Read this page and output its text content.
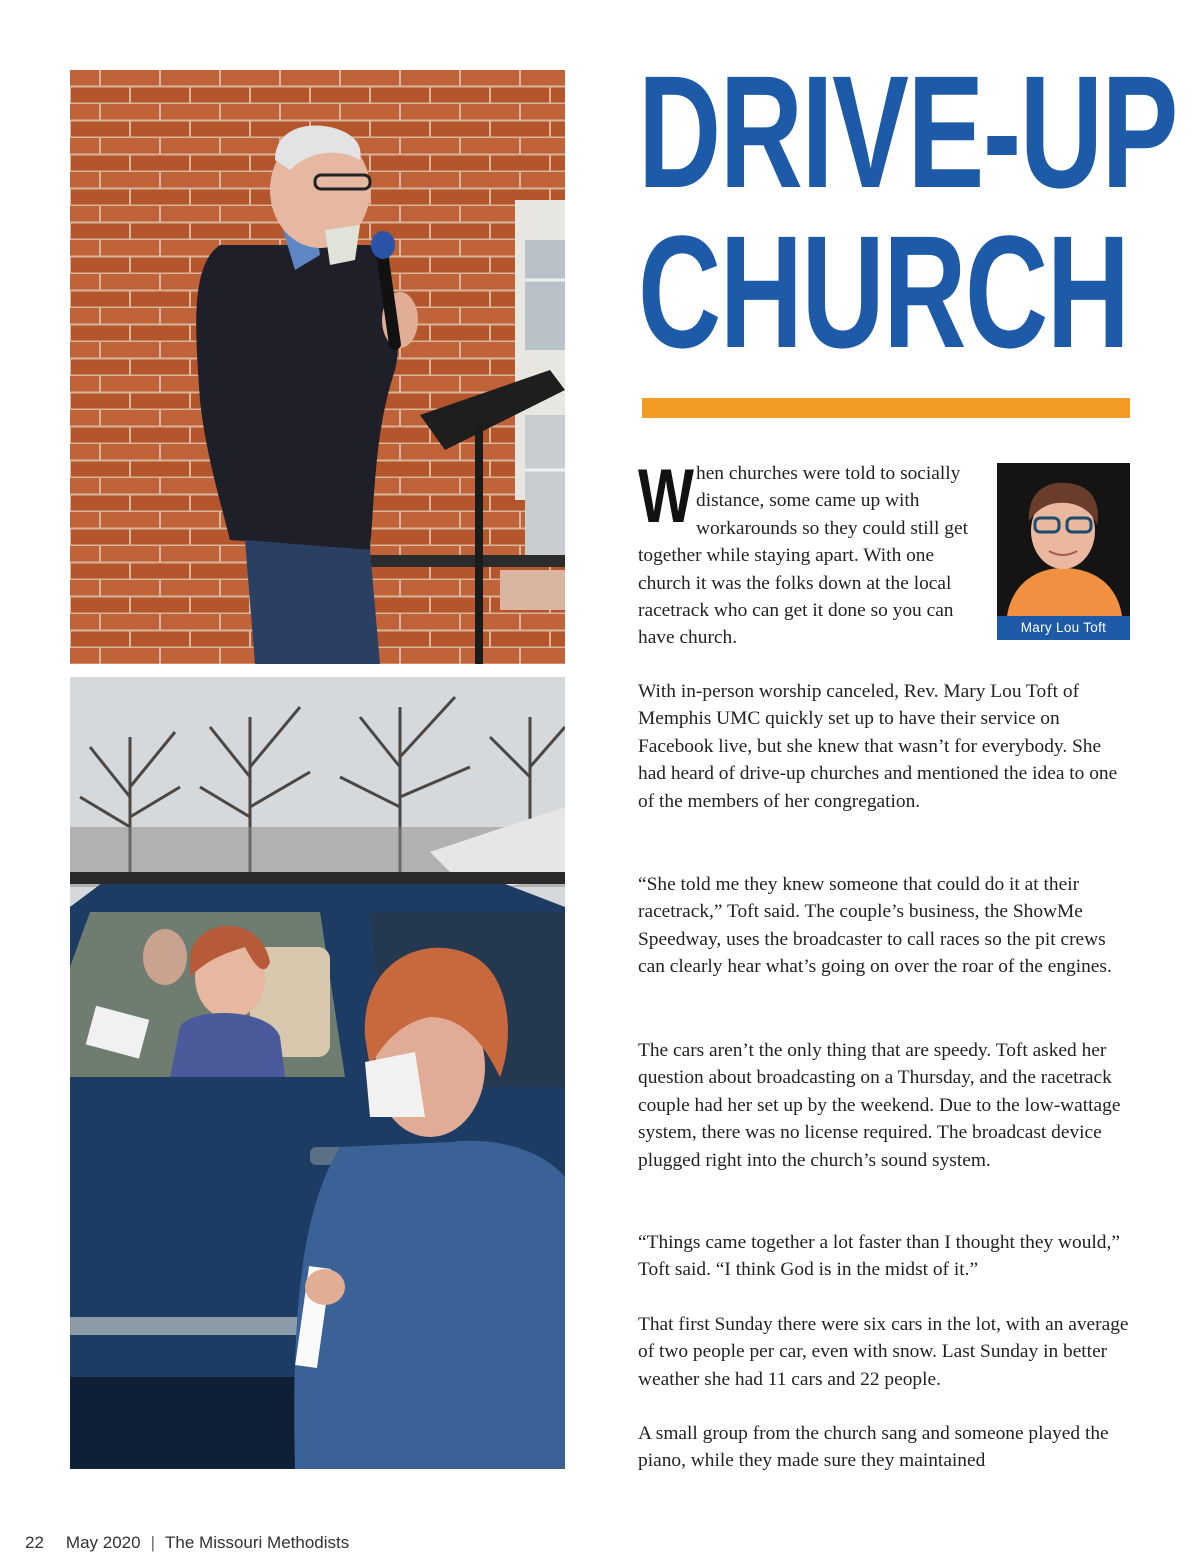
DRIVE-UP
CHURCH
Mary Lou Toft

When churches were told to socially distance, some came up with workarounds so they could still get together while staying apart. With one church it was the folks down at the local racetrack who can get it done so you can have church.

With in-person worship canceled, Rev. Mary Lou Toft of Memphis UMC quickly set up to have their service on Facebook live, but she knew that wasn’t for everybody. She had heard of drive-up churches and mentioned the idea to one of the members of her congregation.

“She told me they knew someone that could do it at their racetrack,” Toft said. The couple’s business, the ShowMe Speedway, uses the broadcaster to call races so the pit crews can clearly hear what’s going on over the roar of the engines.

The cars aren’t the only thing that are speedy. Toft asked her question about broadcasting on a Thursday, and the racetrack couple had her set up by the weekend. Due to the low-wattage system, there was no license required. The broadcast device plugged right into the church’s sound system.

“Things came together a lot faster than I thought they would,” Toft said. “I think God is in the midst of it.”

That first Sunday there were six cars in the lot, with an average of two people per car, even with snow. Last Sunday in better weather she had 11 cars and 22 people.

A small group from the church sang and someone played the piano, while they made sure they maintained

22 May 2020 | The Missouri Methodists
